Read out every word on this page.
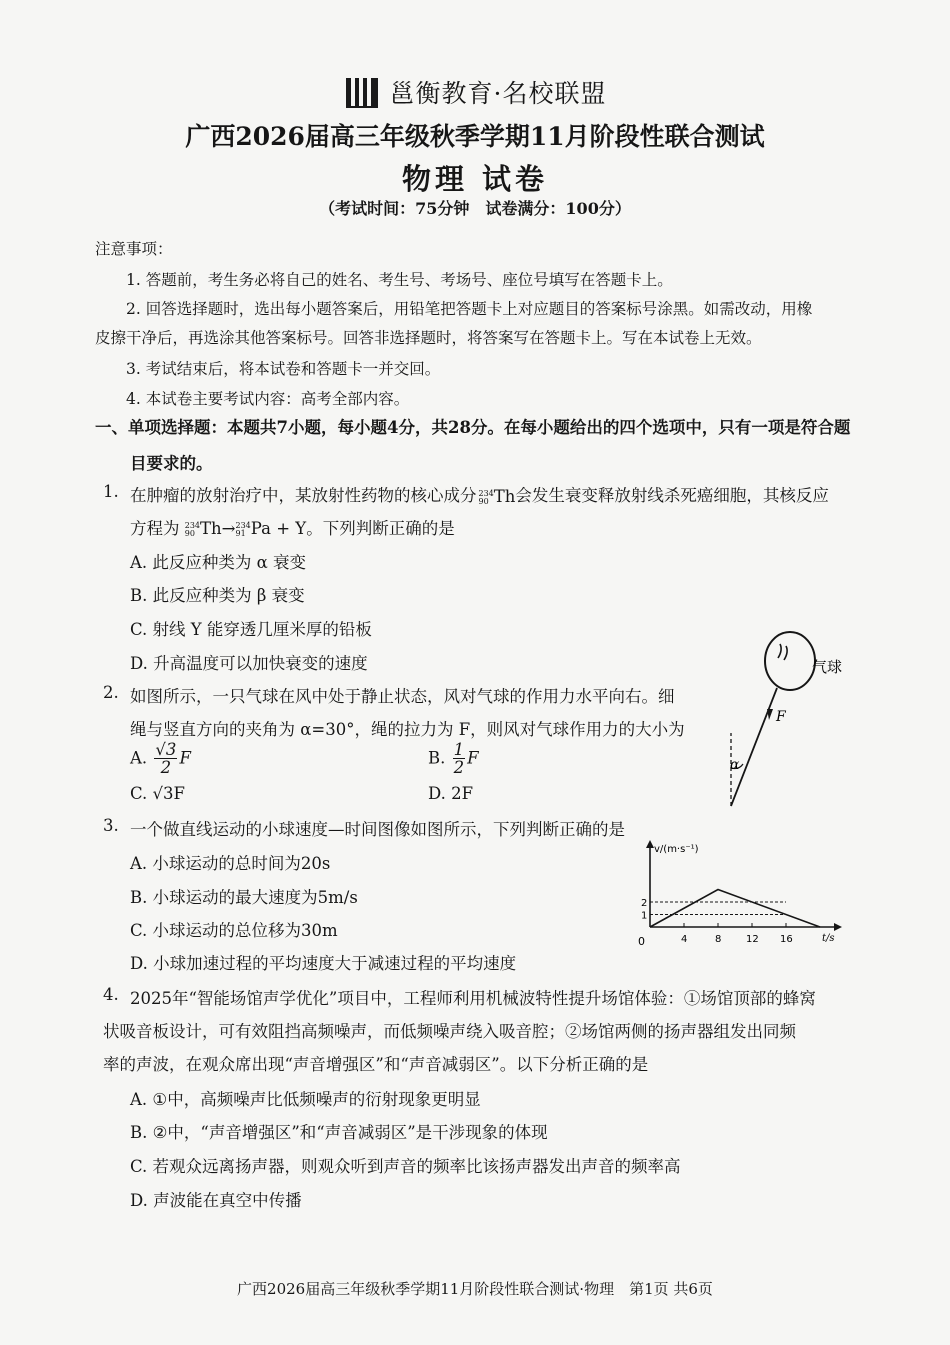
邕衡教育·名校联盟
广西2026届高三年级秋季学期11月阶段性联合测试
物理 试卷
（考试时间：75分钟　试卷满分：100分）
注意事项：
1. 答题前，考生务必将自己的姓名、考生号、考场号、座位号填写在答题卡上。
2. 回答选择题时，选出每小题答案后，用铅笔把答题卡上对应题目的答案标号涂黑。如需改动，用橡
皮擦干净后，再选涂其他答案标号。回答非选择题时，将答案写在答题卡上。写在本试卷上无效。
3. 考试结束后，将本试卷和答题卡一并交回。
4. 本试卷主要考试内容：高考全部内容。
一、单项选择题：本题共7小题，每小题4分，共28分。在每小题给出的四个选项中，只有一项是符合题
目要求的。
1. 在肿瘤的放射治疗中，某放射性药物的核心成分 234
90 Th会发生衰变释放射线杀死癌细胞，其核反应
方程为 234
90 Th→ 234
91 Pa + Y。下列判断正确的是
A. 此反应种类为 α 衰变
B. 此反应种类为 β 衰变
C. 射线 Y 能穿透几厘米厚的铅板
D. 升高温度可以加快衰变的速度
2. 如图所示，一只气球在风中处于静止状态，风对气球的作用力水平向右。细
绳与竖直方向的夹角为 α=30°，绳的拉力为 F，则风对气球作用力的大小为
A. $\frac{√3}{2}$ F	B. $\frac{1}{2}$ F
C. √3F	D. 2F
气球
F
α
3. 一个做直线运动的小球速度—时间图像如图所示，下列判断正确的是
A. 小球运动的总时间为20s
B. 小球运动的最大速度为5m/s
C. 小球运动的总位移为30m
D. 小球加速过程的平均速度大于减速过程的平均速度
v/(m·s⁻¹)
t/s
0
1
2
4	8 12 16
4. 2025年“智能场馆声学优化”项目中，工程师利用机械波特性提升场馆体验：①场馆顶部的蜂窝
状吸音板设计，可有效阻挡高频噪声，而低频噪声绕入吸音腔；②场馆两侧的扬声器组发出同频
率的声波，在观众席出现“声音增强区”和“声音减弱区”。以下分析正确的是
A. ①中，高频噪声比低频噪声的衍射现象更明显
B. ②中，“声音增强区”和“声音减弱区”是干涉现象的体现
C. 若观众远离扬声器，则观众听到声音的频率比该扬声器发出声音的频率高
D. 声波能在真空中传播
广西2026届高三年级秋季学期11月阶段性联合测试·物理　第1页 共6页
